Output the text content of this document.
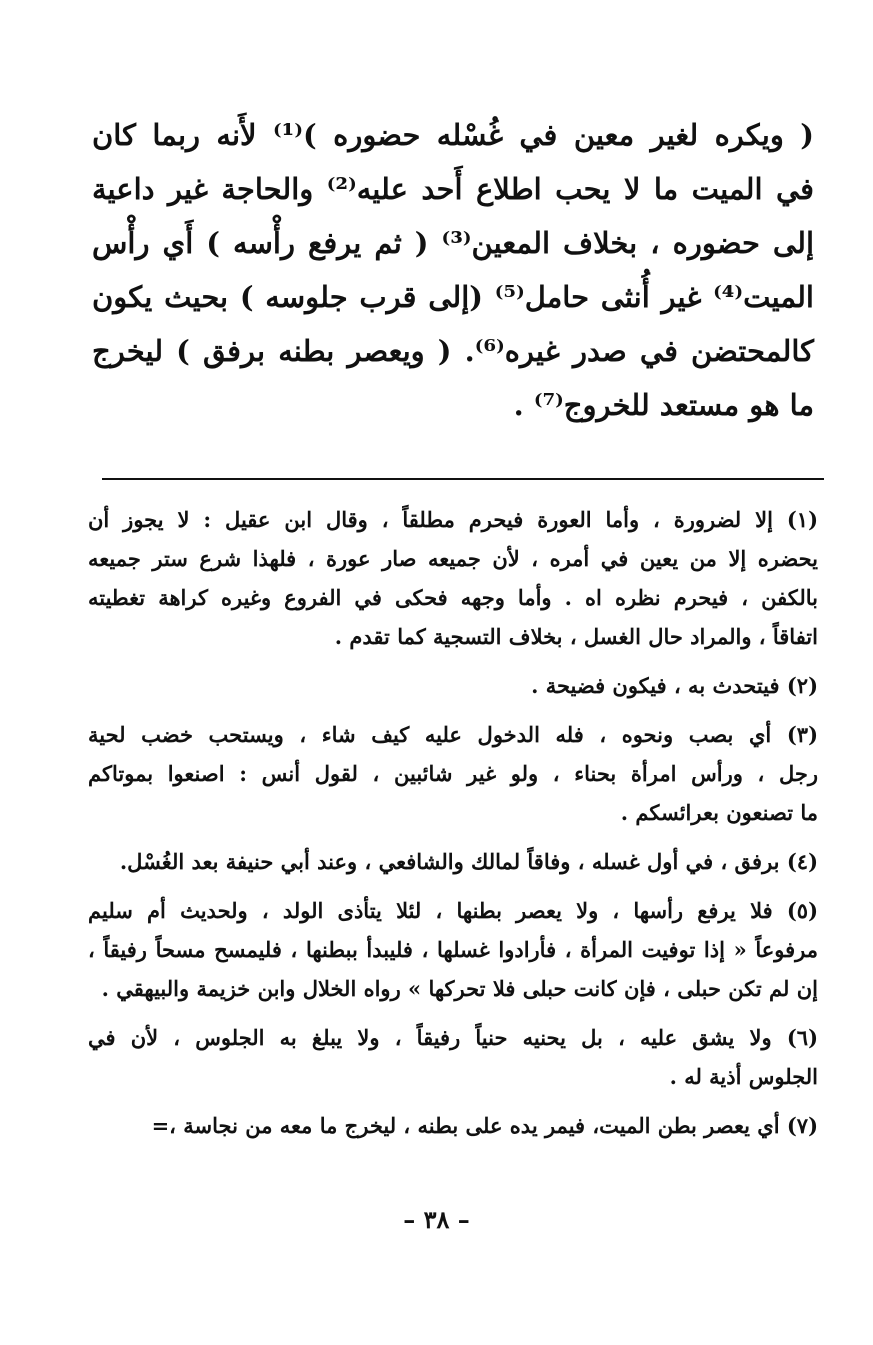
( ويكره لغير معين في غُسْله حضوره )⁽¹⁾ لأَنه ربما كان
في الميت ما لا يحب اطلاع أَحد عليه⁽²⁾ والحاجة غير داعية
إلى حضوره ، بخلاف المعين⁽³⁾ ( ثم يرفع رأْسه ) أَي رأْس
الميت⁽⁴⁾ غير أُنثى حامل⁽⁵⁾ (إلى قرب جلوسه ) بحيث يكون
كالمحتضن في صدر غيره⁽⁶⁾. ( ويعصر بطنه برفق ) ليخرج
ما هو مستعد للخروج⁽⁷⁾ .
(١) إلا لضرورة ، وأما العورة فيحرم مطلقاً ، وقال ابن عقيل : لا يجوز أن
يحضره إلا من يعين في أمره ، لأن جميعه صار عورة ، فلهذا شرع ستر جميعه
بالكفن ، فيحرم نظره اه . وأما وجهه فحكى في الفروع وغيره كراهة تغطيته
اتفاقاً ، والمراد حال الغسل ، بخلاف التسجية كما تقدم .
(٢) فيتحدث به ، فيكون فضيحة .
(٣) أي بصب ونحوه ، فله الدخول عليه كيف شاء ، ويستحب خضب لحية
رجل ، ورأس امرأة بحناء ، ولو غير شائبين ، لقول أنس : اصنعوا بموتاكم
ما تصنعون بعرائسكم .
(٤) برفق ، في أول غسله ، وفاقاً لمالك والشافعي ، وعند أبي حنيفة بعد الغُسْل.
(٥) فلا يرفع رأسها ، ولا يعصر بطنها ، لئلا يتأذى الولد ، ولحديث أم سليم
مرفوعاً « إذا توفيت المرأة ، فأرادوا غسلها ، فليبدأ ببطنها ، فليمسح مسحاً رفيقاً ،
إن لم تكن حبلى ، فإن كانت حبلى فلا تحركها » رواه الخلال وابن خزيمة والبيهقي .
(٦) ولا يشق عليه ، بل يحنيه حنياً رفيقاً ، ولا يبلغ به الجلوس ، لأن في
الجلوس أذية له .
(٧) أي يعصر بطن الميت، فيمر يده على بطنه ، ليخرج ما معه من نجاسة ،=
– ٣٨ –
